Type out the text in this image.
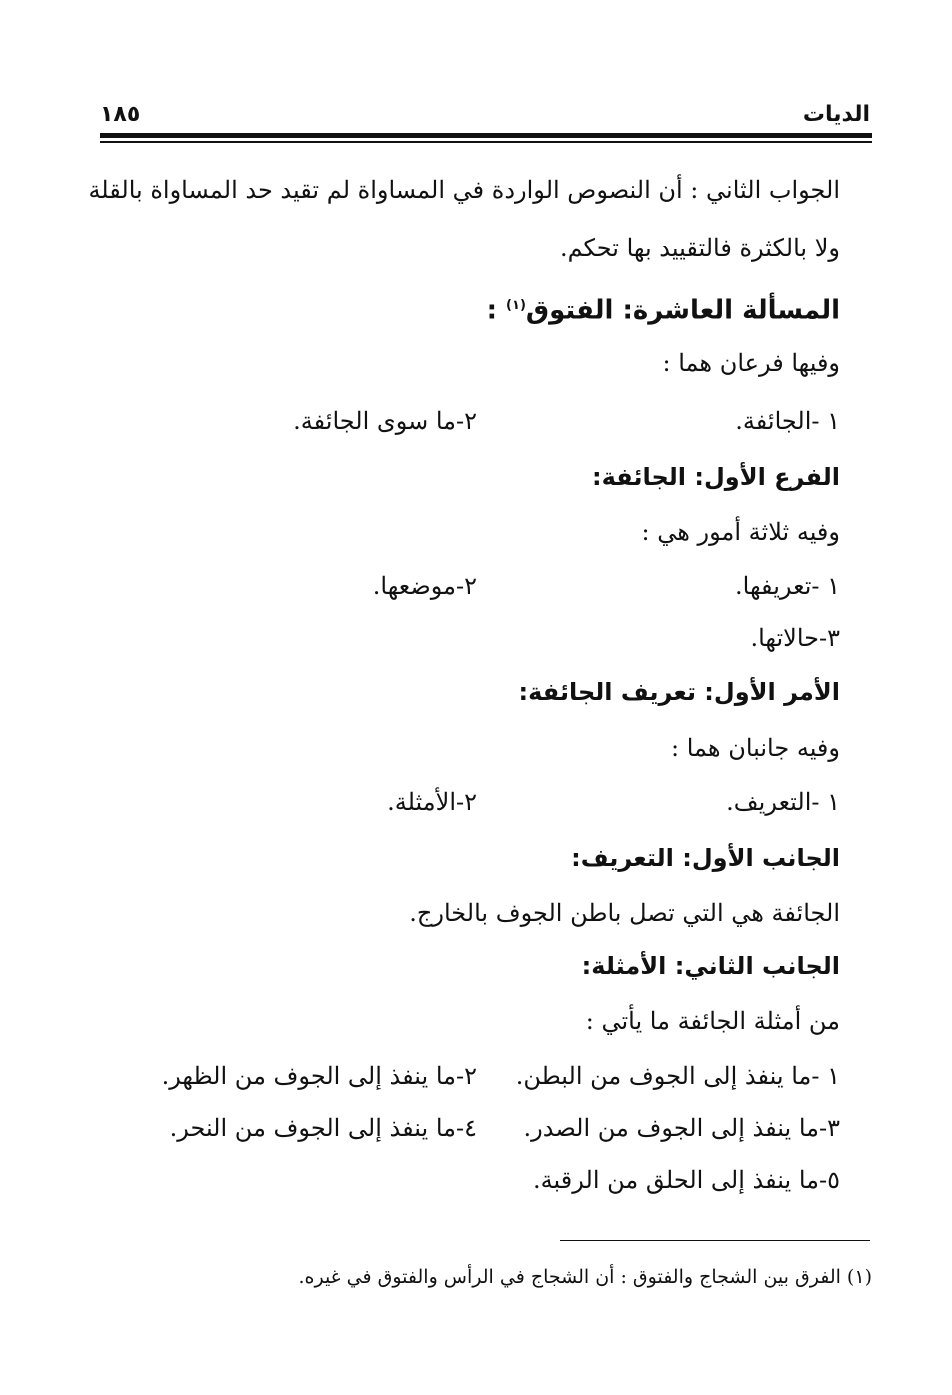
الديات
١٨٥
الجواب الثاني : أن النصوص الواردة في المساواة لم تقيد حد المساواة بالقلة
ولا بالكثرة فالتقييد بها تحكم.
المسألة العاشرة: الفتوق$^{(١)}$ :
وفيها فرعان هما :
١ -الجائفة.
٢-ما سوى الجائفة.
الفرع الأول: الجائفة:
وفيه ثلاثة أمور هي :
١ -تعريفها.
٢-موضعها.
٣-حالاتها.
الأمر الأول: تعريف الجائفة:
وفيه جانبان هما :
١ -التعريف.
٢-الأمثلة.
الجانب الأول: التعريف:
الجائفة هي التي تصل باطن الجوف بالخارج.
الجانب الثاني: الأمثلة:
من أمثلة الجائفة ما يأتي :
١ -ما ينفذ إلى الجوف من البطن.
٢-ما ينفذ إلى الجوف من الظهر.
٣-ما ينفذ إلى الجوف من الصدر.
٤-ما ينفذ إلى الجوف من النحر.
٥-ما ينفذ إلى الحلق من الرقبة.
(١) الفرق بين الشجاج والفتوق : أن الشجاج في الرأس والفتوق في غيره.
